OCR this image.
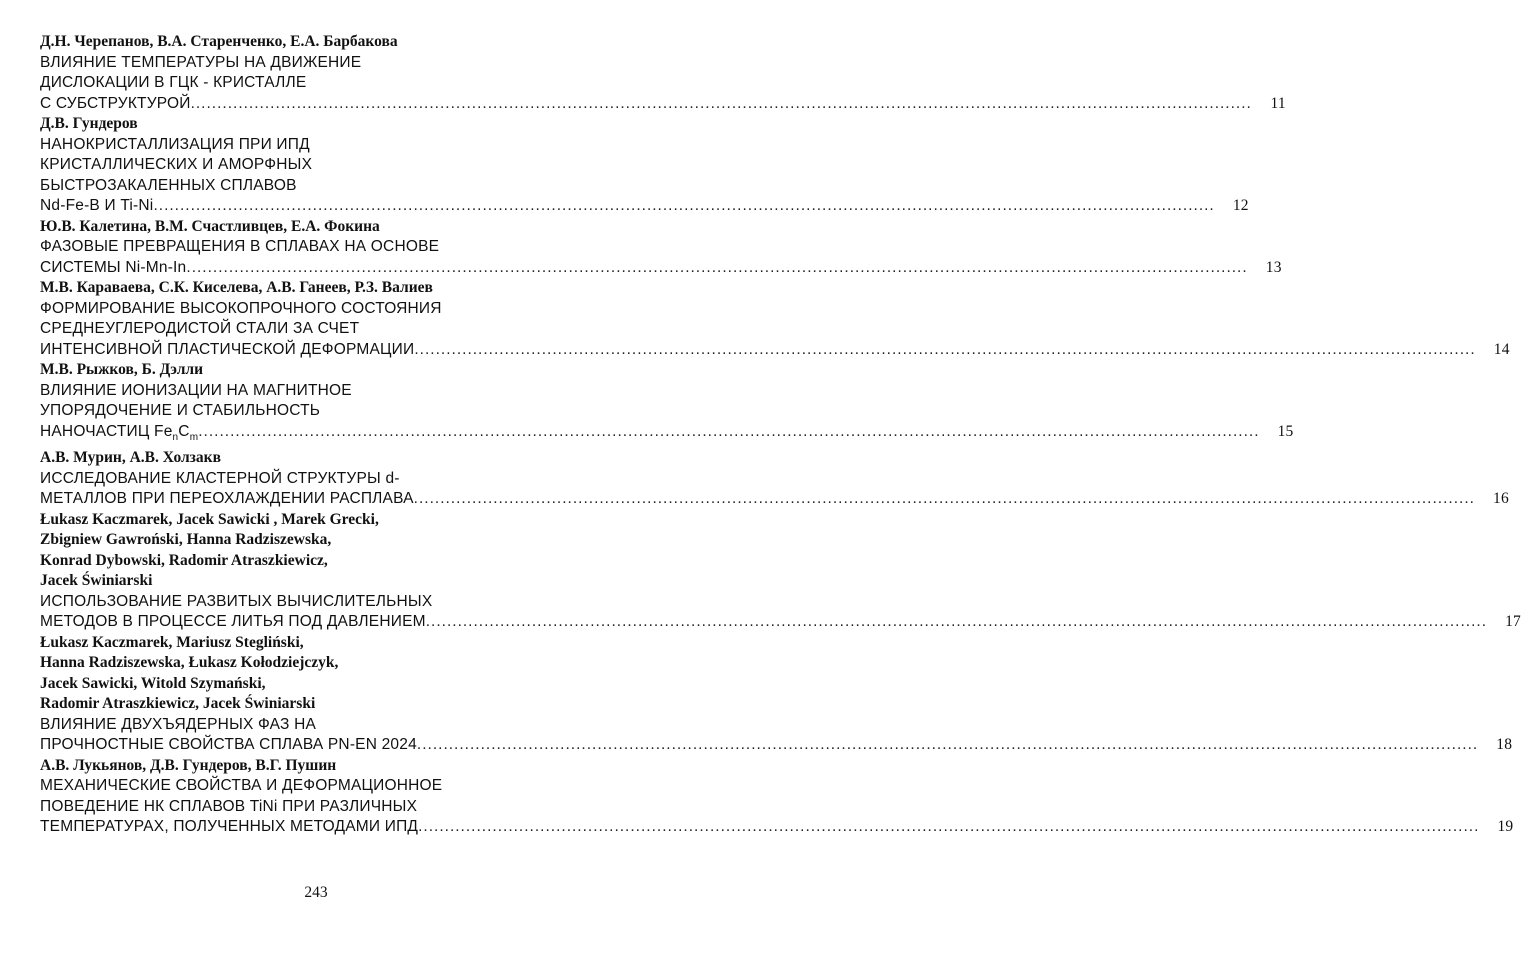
Д.Н. Черепанов, В.А. Старенченко, Е.А. Барбакова
ВЛИЯНИЕ ТЕМПЕРАТУРЫ НА ДВИЖЕНИЕ
ДИСЛОКАЦИИ В ГЦК - КРИСТАЛЛЕ
С СУБСТРУКТУРОЙ ........................................................................................................................................................................................................	11
Д.В. Гундеров
НАНОКРИСТАЛЛИЗАЦИЯ ПРИ ИПД
КРИСТАЛЛИЧЕСКИХ И АМОРФНЫХ
БЫСТРОЗАКАЛЕННЫХ СПЛАВОВ
Nd-Fe-B И Ti-Ni ........................................................................................................................................................................................................	12
Ю.В. Калетина, В.М. Счастливцев, Е.А. Фокина
ФАЗОВЫЕ ПРЕВРАЩЕНИЯ В СПЛАВАХ НА ОСНОВЕ
СИСТЕМЫ Ni-Mn-In ........................................................................................................................................................................................................	13
М.В. Караваева, С.К. Киселева, А.В. Ганеев, Р.З. Валиев
ФОРМИРОВАНИЕ ВЫСОКОПРОЧНОГО СОСТОЯНИЯ
СРЕДНЕУГЛЕРОДИСТОЙ СТАЛИ ЗА СЧЕТ
ИНТЕНСИВНОЙ ПЛАСТИЧЕСКОЙ ДЕФОРМАЦИИ ........................................................................................................................................................................................................	14
М.В. Рыжков, Б. Дэлли
ВЛИЯНИЕ ИОНИЗАЦИИ НА МАГНИТНОЕ
УПОРЯДОЧЕНИЕ И СТАБИЛЬНОСТЬ
НАНОЧАСТИЦ $Fe_nC_m$ ........................................................................................................................................................................................................	15
А.В. Мурин, А.В. Холзакв
ИССЛЕДОВАНИЕ КЛАСТЕРНОЙ СТРУКТУРЫ d-
МЕТАЛЛОВ ПРИ ПЕРЕОХЛАЖДЕНИИ РАСПЛАВА ........................................................................................................................................................................................................	16
Łukasz Kaczmarek, Jacek Sawicki , Marek Grecki,
Zbigniew Gawroński, Hanna Radziszewska,
Konrad Dybowski, Radomir Atraszkiewicz,
Jacek Świniarski
ИСПОЛЬЗОВАНИЕ РАЗВИТЫХ ВЫЧИСЛИТЕЛЬНЫХ
МЕТОДОВ В ПРОЦЕССЕ ЛИТЬЯ ПОД ДАВЛЕНИЕМ ........................................................................................................................................................................................................	17
Łukasz Kaczmarek, Mariusz Stegliński,
Hanna Radziszewska, Łukasz Kołodziejczyk,
Jacek Sawicki, Witold Szymański,
Radomir Atraszkiewicz, Jacek Świniarski
ВЛИЯНИЕ ДВУХЪЯДЕРНЫХ ФАЗ НА
ПРОЧНОСТНЫЕ СВОЙСТВА СПЛАВА PN-EN 2024 ........................................................................................................................................................................................................	18
А.В. Лукьянов, Д.В. Гундеров, В.Г. Пушин
МЕХАНИЧЕСКИЕ СВОЙСТВА И ДЕФОРМАЦИОННОЕ
ПОВЕДЕНИЕ НК СПЛАВОВ TiNi ПРИ РАЗЛИЧНЫХ
ТЕМПЕРАТУРАХ, ПОЛУЧЕННЫХ МЕТОДАМИ ИПД ........................................................................................................................................................................................................	19
243
